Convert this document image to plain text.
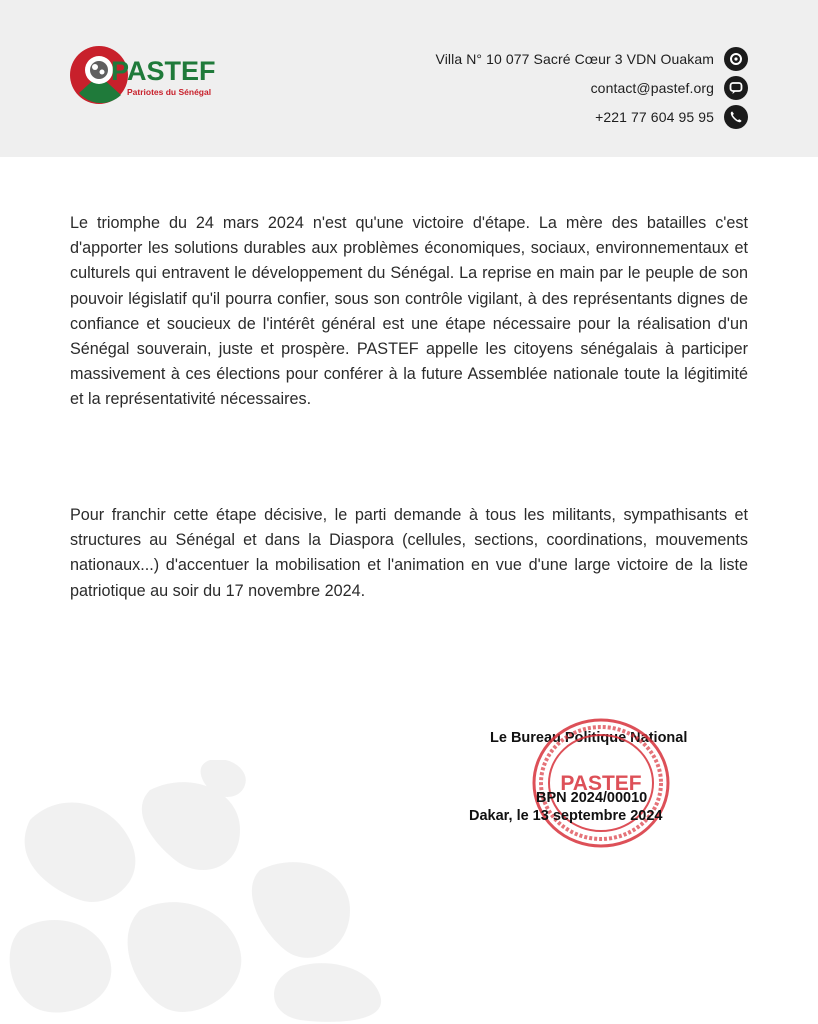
PASTEF
Patriotes du Sénégal
Villa N° 10 077 Sacré Cœur 3 VDN Ouakam
contact@pastef.org
+221 77 604 95 95
Le triomphe du 24 mars 2024 n'est qu'une victoire d'étape. La mère des batailles c'est d'apporter les solutions durables aux problèmes économiques, sociaux, environnementaux et culturels qui entravent le développement du Sénégal. La reprise en main par le peuple de son pouvoir législatif qu'il pourra confier, sous son contrôle vigilant, à des représentants dignes de confiance et soucieux de l'intérêt général est une étape nécessaire pour la réalisation d'un Sénégal souverain, juste et prospère. PASTEF appelle les citoyens sénégalais à participer massivement à ces élections pour conférer à la future Assemblée nationale toute la légitimité et la représentativité nécessaires.
Pour franchir cette étape décisive, le parti demande à tous les militants, sympathisants et structures au Sénégal et dans la Diaspora (cellules, sections, coordinations, mouvements nationaux...) d'accentuer la mobilisation et l'animation en vue d'une large victoire de la liste patriotique au soir du 17 novembre 2024.
Le Bureau Politique National
PASTEF
BPN 2024/00010
Dakar, le 13 septembre 2024
